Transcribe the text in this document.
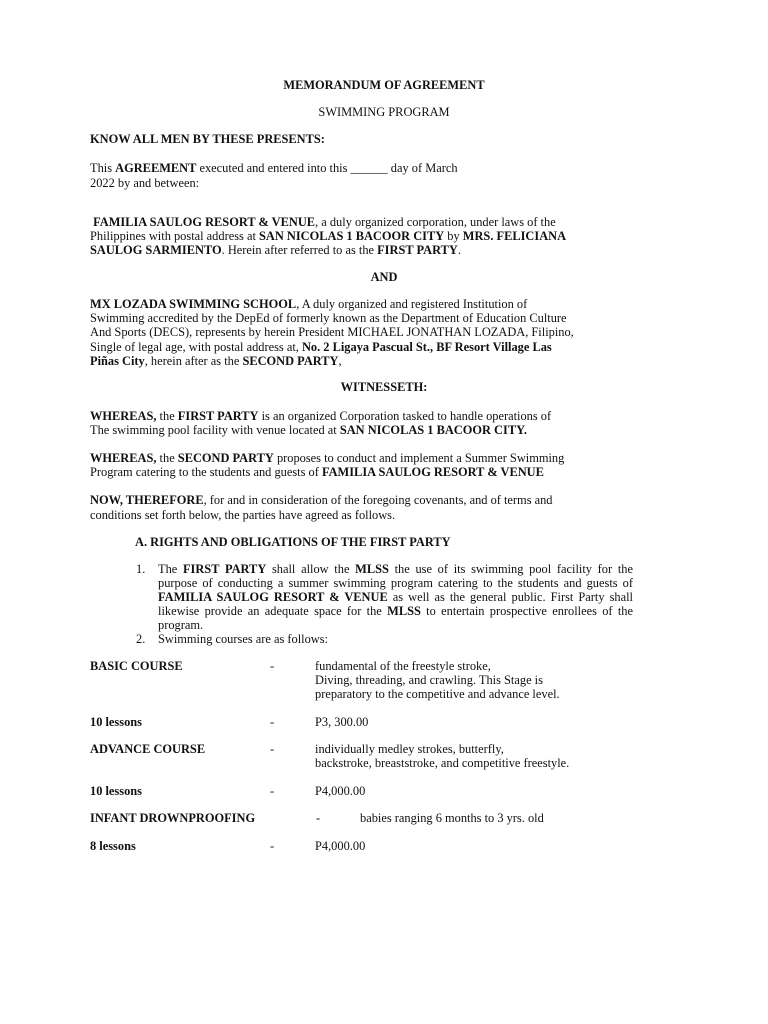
MEMORANDUM OF AGREEMENT
SWIMMING PROGRAM
KNOW ALL MEN BY THESE PRESENTS:
This AGREEMENT executed and entered into this ______ day of March
2022 by and between:
FAMILIA SAULOG RESORT & VENUE, a duly organized corporation, under laws of the
Philippines with postal address at SAN NICOLAS 1 BACOOR CITY by MRS. FELICIANA
SAULOG SARMIENTO. Herein after referred to as the FIRST PARTY.
AND
MX LOZADA SWIMMING SCHOOL, A duly organized and registered Institution of
Swimming accredited by the DepEd of formerly known as the Department of Education Culture
And Sports (DECS), represents by herein President MICHAEL JONATHAN LOZADA, Filipino,
Single of legal age, with postal address at, No. 2 Ligaya Pascual St., BF Resort Village Las
Piñas City, herein after as the SECOND PARTY,
WITNESSETH:
WHEREAS, the FIRST PARTY is an organized Corporation tasked to handle operations of
The swimming pool facility with venue located at SAN NICOLAS 1 BACOOR CITY.
WHEREAS, the SECOND PARTY proposes to conduct and implement a Summer Swimming
Program catering to the students and guests of FAMILIA SAULOG RESORT & VENUE
NOW, THEREFORE, for and in consideration of the foregoing covenants, and of terms and
conditions set forth below, the parties have agreed as follows.
A. RIGHTS AND OBLIGATIONS OF THE FIRST PARTY
1. The FIRST PARTY shall allow the MLSS the use of its swimming pool facility for the purpose of conducting a summer swimming program catering to the students and guests of FAMILIA SAULOG RESORT & VENUE as well as the general public. First Party shall likewise provide an adequate space for the MLSS to entertain prospective enrollees of the program.
2. Swimming courses are as follows:
BASIC COURSE	-	fundamental of the freestyle stroke,
Diving, threading, and crawling. This Stage is
preparatory to the competitive and advance level.
10 lessons	-	P3, 300.00
ADVANCE COURSE	-	individually medley strokes, butterfly,
backstroke, breaststroke, and competitive freestyle.
10 lessons	-	P4,000.00
INFANT DROWNPROOFING	-	babies ranging 6 months to 3 yrs. old
8 lessons	-	P4,000.00
